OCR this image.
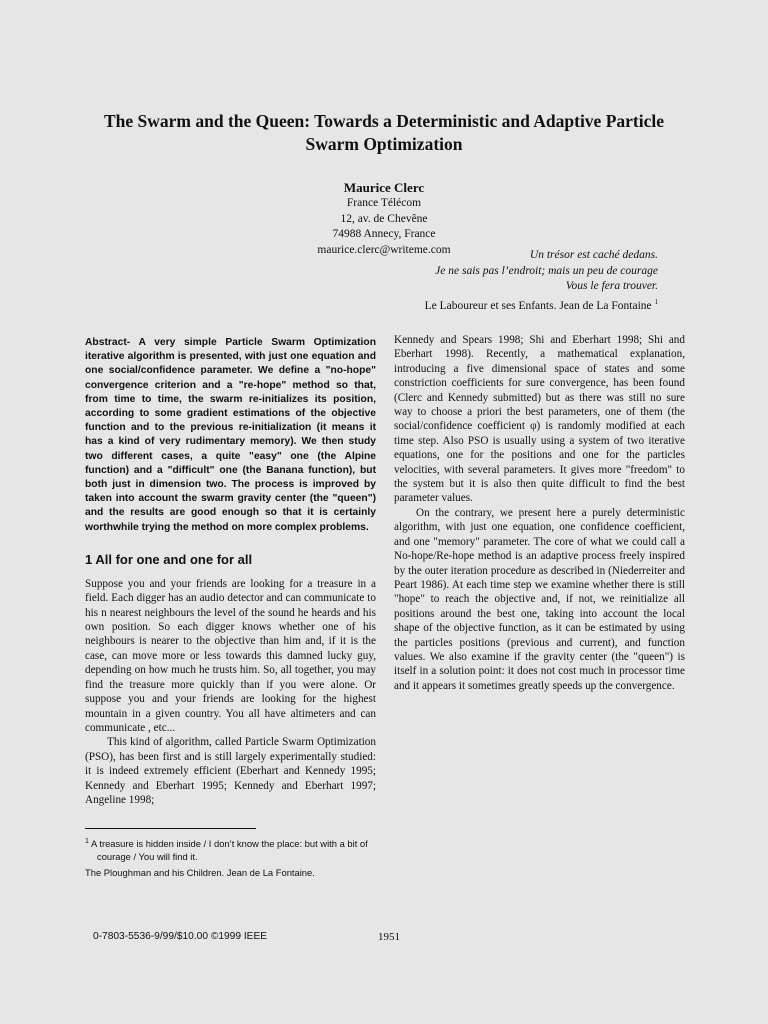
The Swarm and the Queen: Towards a Deterministic and Adaptive Particle
Swarm Optimization
Maurice Clerc
France Télécom
12, av. de Chevêne
74988 Annecy, France
maurice.clerc@writeme.com	Un trésor est caché dedans.
Je ne sais pas l’endroit; mais un peu de courage
Vous le fera trouver.
Le Laboureur et ses Enfants. Jean de La Fontaine $^1$

Abstract- A very simple Particle Swarm Optimization iterative algorithm is presented, with just one equation and one social/confidence parameter. We define a "no-hope" convergence criterion and a "re-hope" method so that, from time to time, the swarm re-initializes its position, according to some gradient estimations of the objective function and to the previous re-initialization (it means it has a kind of very rudimentary memory). We then study two different cases, a quite "easy" one (the Alpine function) and a "difficult" one (the Banana function), but both just in dimension two. The process is improved by taken into account the swarm gravity center (the "queen") and the results are good enough so that it is certainly worthwhile trying the method on more complex problems.

1 All for one and one for all

Suppose you and your friends are looking for a treasure in a field. Each digger has an audio detector and can communicate to his n nearest neighbours the level of the sound he heards and his own position. So each digger knows whether one of his neighbours is nearer to the objective than him and, if it is the case, can move more or less towards this damned lucky guy, depending on how much he trusts him. So, all together, you may find the treasure more quickly than if you were alone. Or suppose you and your friends are looking for the highest mountain in a given country. You all have altimeters and can communicate , etc...

This kind of algorithm, called Particle Swarm Optimization (PSO), has been first and is still largely experimentally studied: it is indeed extremely efficient (Eberhart and Kennedy 1995; Kennedy and Eberhart 1995; Kennedy and Eberhart 1997; Angeline 1998;

Kennedy and Spears 1998; Shi and Eberhart 1998; Shi and Eberhart 1998). Recently, a mathematical explanation, introducing a five dimensional space of states and some constriction coefficients for sure convergence, has been found (Clerc and Kennedy submitted) but as there was still no sure way to choose a priori the best parameters, one of them (the social/confidence coefficient φ) is randomly modified at each time step. Also PSO is usually using a system of two iterative equations, one for the positions and one for the particles velocities, with several parameters. It gives more "freedom" to the system but it is also then quite difficult to find the best parameter values.

On the contrary, we present here a purely deterministic algorithm, with just one equation, one confidence coefficient, and one "memory" parameter. The core of what we could call a No-hope/Re-hope method is an adaptive process freely inspired by the outer iteration procedure as described in (Niederreiter and Peart 1986). At each time step we examine whether there is still "hope" to reach the objective and, if not, we reinitialize all positions around the best one, taking into account the local shape of the objective function, as it can be estimated by using the particles positions (previous and current), and function values. We also examine if the gravity center (the "queen") is itself in a solution point: it does not cost much in processor time and it appears it sometimes greatly speeds up the convergence.

$^1$ A treasure is hidden inside / I don’t know the place: but with a bit of courage / You will find it.
The Ploughman and his Children. Jean de La Fontaine.
0-7803-5536-9/99/$10.00 ©1999 IEEE	1951
